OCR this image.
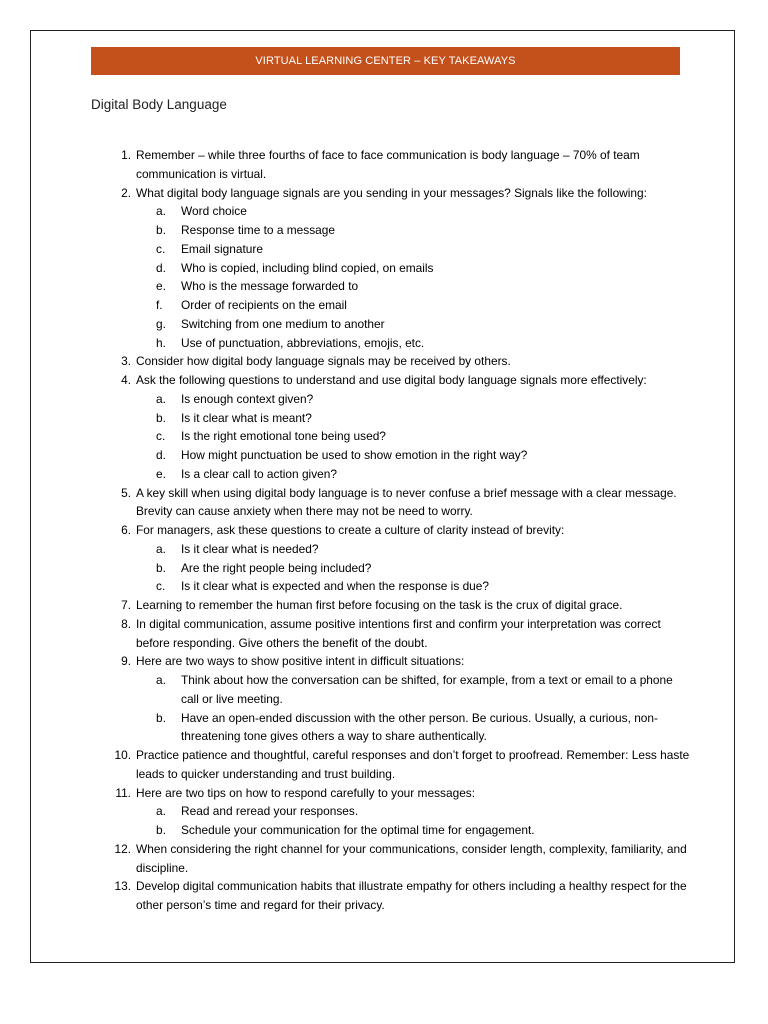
VIRTUAL LEARNING CENTER – KEY TAKEAWAYS
Digital Body Language
1. Remember – while three fourths of face to face communication is body language – 70% of team communication is virtual.
2. What digital body language signals are you sending in your messages? Signals like the following:
a. Word choice
b. Response time to a message
c. Email signature
d. Who is copied, including blind copied, on emails
e. Who is the message forwarded to
f. Order of recipients on the email
g. Switching from one medium to another
h. Use of punctuation, abbreviations, emojis, etc.
3. Consider how digital body language signals may be received by others.
4. Ask the following questions to understand and use digital body language signals more effectively:
a. Is enough context given?
b. Is it clear what is meant?
c. Is the right emotional tone being used?
d. How might punctuation be used to show emotion in the right way?
e. Is a clear call to action given?
5. A key skill when using digital body language is to never confuse a brief message with a clear message. Brevity can cause anxiety when there may not be need to worry.
6. For managers, ask these questions to create a culture of clarity instead of brevity:
a. Is it clear what is needed?
b. Are the right people being included?
c. Is it clear what is expected and when the response is due?
7. Learning to remember the human first before focusing on the task is the crux of digital grace.
8. In digital communication, assume positive intentions first and confirm your interpretation was correct before responding. Give others the benefit of the doubt.
9. Here are two ways to show positive intent in difficult situations:
a. Think about how the conversation can be shifted, for example, from a text or email to a phone call or live meeting.
b. Have an open-ended discussion with the other person. Be curious. Usually, a curious, non-threatening tone gives others a way to share authentically.
10. Practice patience and thoughtful, careful responses and don’t forget to proofread. Remember: Less haste leads to quicker understanding and trust building.
11. Here are two tips on how to respond carefully to your messages:
a. Read and reread your responses.
b. Schedule your communication for the optimal time for engagement.
12. When considering the right channel for your communications, consider length, complexity, familiarity, and discipline.
13. Develop digital communication habits that illustrate empathy for others including a healthy respect for the other person’s time and regard for their privacy.
